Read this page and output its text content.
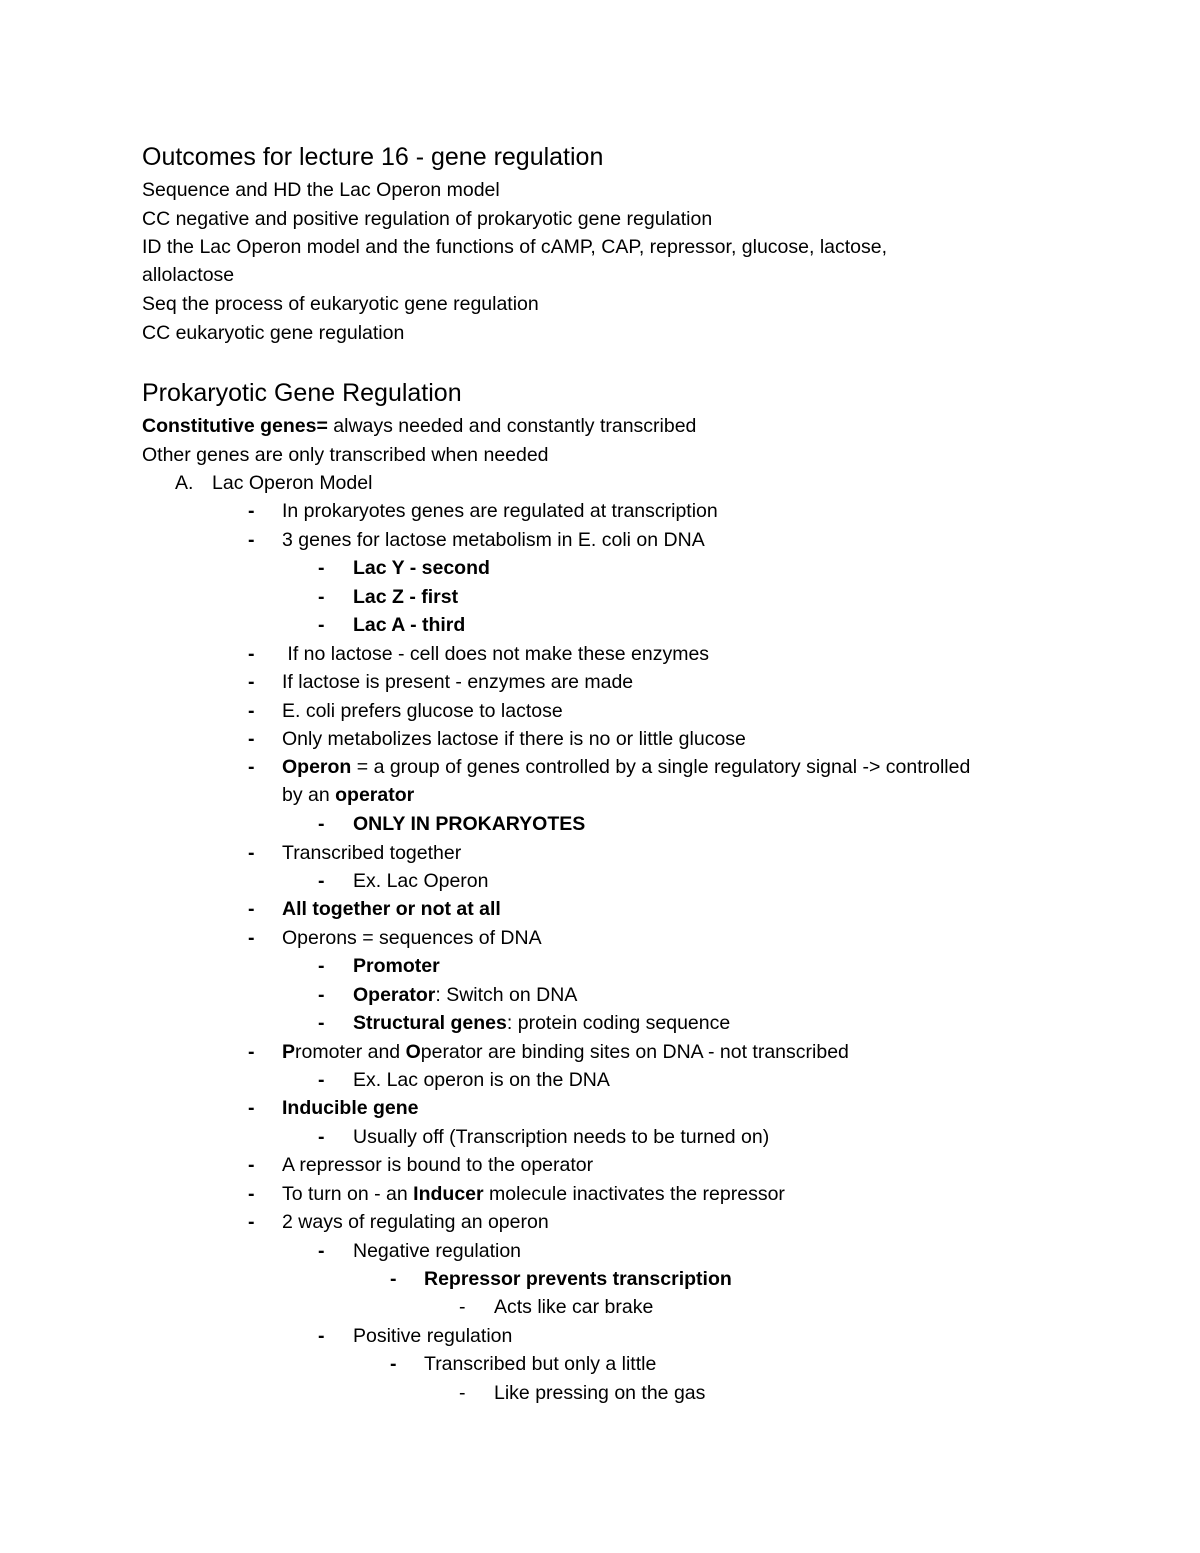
Outcomes for lecture 16 - gene regulation
Sequence and HD the Lac Operon model
CC negative and positive regulation of prokaryotic gene regulation
ID the Lac Operon model and the functions of cAMP, CAP, repressor, glucose, lactose,
allolactose
Seq the process of eukaryotic gene regulation
CC eukaryotic gene regulation
Prokaryotic Gene Regulation
Constitutive genes= always needed and constantly transcribed
Other genes are only transcribed when needed
A. Lac Operon Model
- In prokaryotes genes are regulated at transcription
- 3 genes for lactose metabolism in E. coli on DNA
- Lac Y - second
- Lac Z - first
- Lac A - third
- If no lactose - cell does not make these enzymes
- If lactose is present - enzymes are made
- E. coli prefers glucose to lactose
- Only metabolizes lactose if there is no or little glucose
- Operon = a group of genes controlled by a single regulatory signal -> controlled
by an operator
- ONLY IN PROKARYOTES
- Transcribed together
- Ex. Lac Operon
- All together or not at all
- Operons = sequences of DNA
- Promoter
- Operator: Switch on DNA
- Structural genes: protein coding sequence
- Promoter and Operator are binding sites on DNA - not transcribed
- Ex. Lac operon is on the DNA
- Inducible gene
- Usually off (Transcription needs to be turned on)
- A repressor is bound to the operator
- To turn on - an Inducer molecule inactivates the repressor
- 2 ways of regulating an operon
- Negative regulation
- Repressor prevents transcription
- Acts like car brake
- Positive regulation
- Transcribed but only a little
- Like pressing on the gas
